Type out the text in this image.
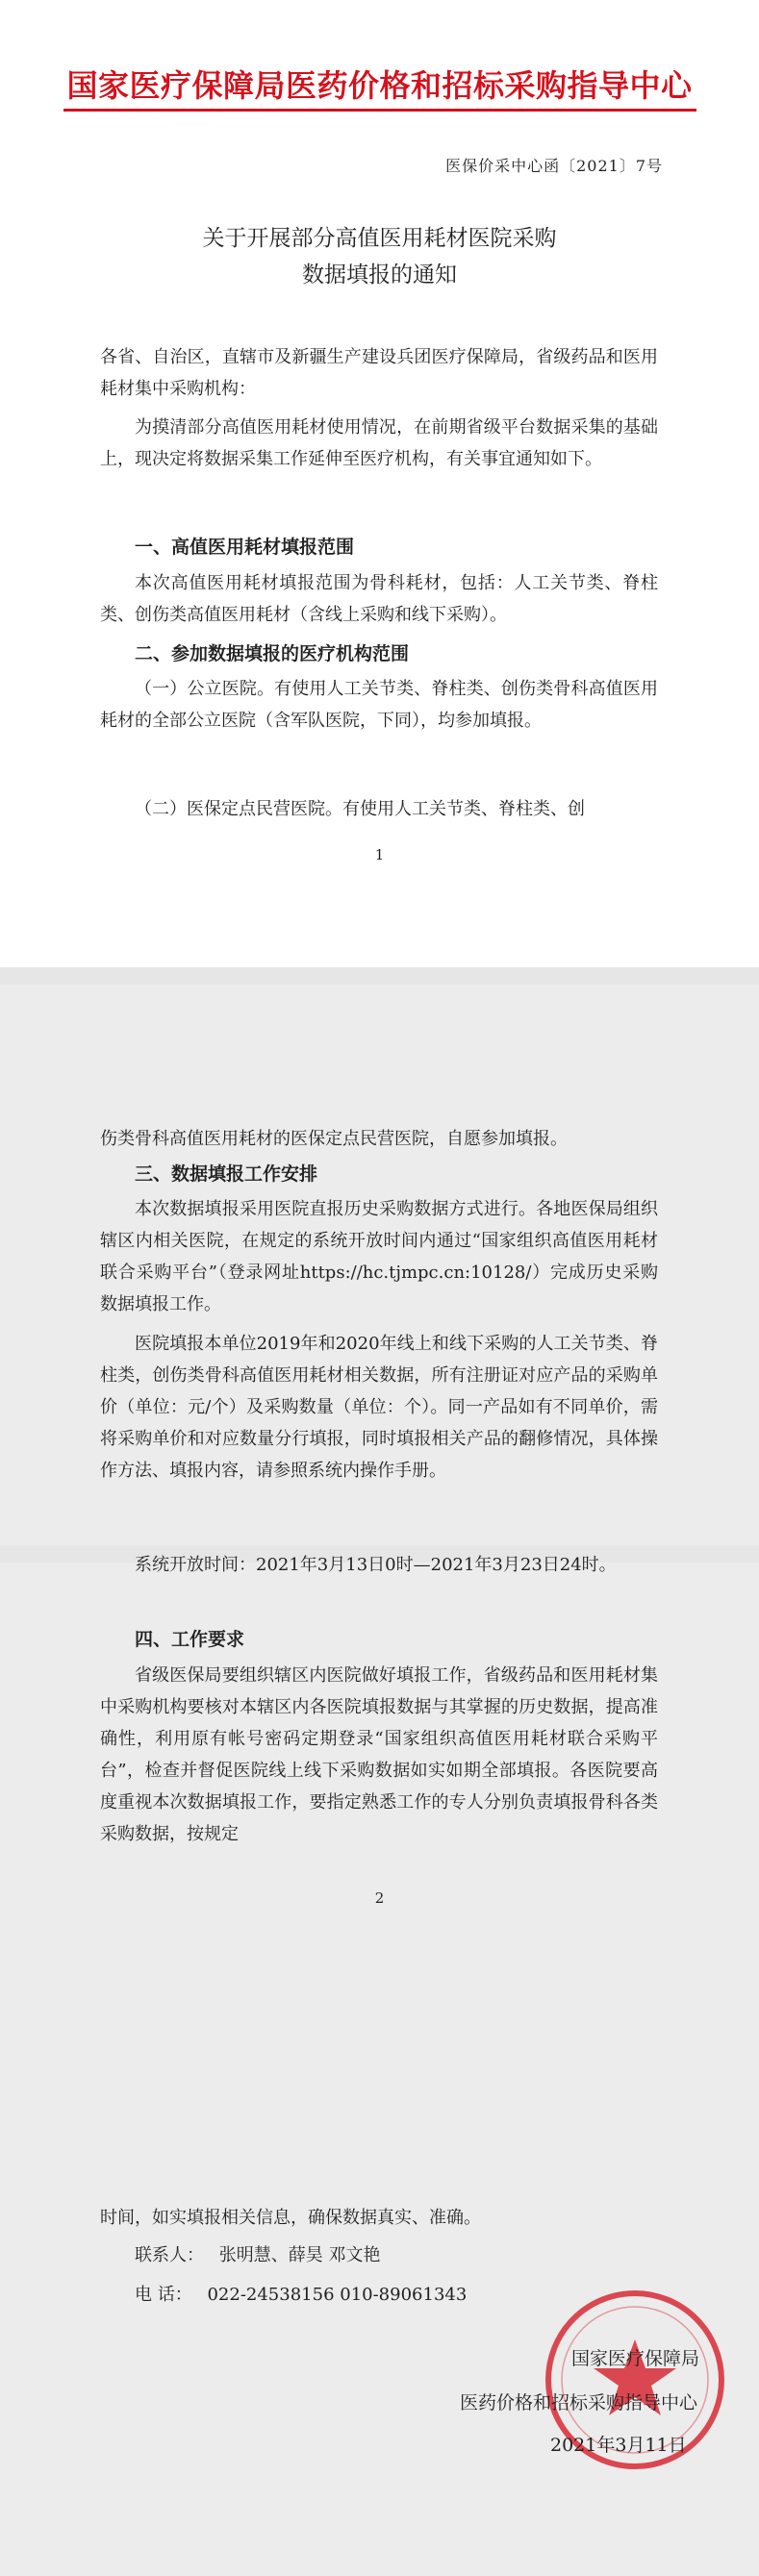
国家医疗保障局医药价格和招标采购指导中心
医保价采中心函〔2021〕7号
关于开展部分高值医用耗材医院采购
数据填报的通知
各省、自治区，直辖市及新疆生产建设兵团医疗保障局，省级药品和医用耗材集中采购机构：
为摸清部分高值医用耗材使用情况，在前期省级平台数据采集的基础上，现决定将数据采集工作延伸至医疗机构，有关事宜通知如下。
一、高值医用耗材填报范围
本次高值医用耗材填报范围为骨科耗材，包括：人工关节类、脊柱类、创伤类高值医用耗材（含线上采购和线下采购）。
二、参加数据填报的医疗机构范围
（一）公立医院。有使用人工关节类、脊柱类、创伤类骨科高值医用耗材的全部公立医院（含军队医院，下同），均参加填报。
（二）医保定点民营医院。有使用人工关节类、脊柱类、创
1
伤类骨科高值医用耗材的医保定点民营医院，自愿参加填报。
三、数据填报工作安排
本次数据填报采用医院直报历史采购数据方式进行。各地医保局组织辖区内相关医院，在规定的系统开放时间内通过“国家组织高值医用耗材联合采购平台”（登录网址https://hc.tjmpc.cn:10128/）完成历史采购数据填报工作。
医院填报本单位2019年和2020年线上和线下采购的人工关节类、脊柱类，创伤类骨科高值医用耗材相关数据，所有注册证对应产品的采购单价（单位：元/个）及采购数量（单位：个）。同一产品如有不同单价，需将采购单价和对应数量分行填报，同时填报相关产品的翻修情况，具体操作方法、填报内容，请参照系统内操作手册。
系统开放时间：2021年3月13日0时—2021年3月23日24时。
四、工作要求
省级医保局要组织辖区内医院做好填报工作，省级药品和医用耗材集中采购机构要核对本辖区内各医院填报数据与其掌握的历史数据，提高准确性，利用原有帐号密码定期登录“国家组织高值医用耗材联合采购平台”，检查并督促医院线上线下采购数据如实如期全部填报。各医院要高度重视本次数据填报工作，要指定熟悉工作的专人分别负责填报骨科各类采购数据，按规定
2
时间，如实填报相关信息，确保数据真实、准确。
联系人： 张明慧、薛昊 邓文艳
电 话： 022-24538156 010-89061343
国家医疗保障局
医药价格和招标采购指导中心
2021年3月11日
